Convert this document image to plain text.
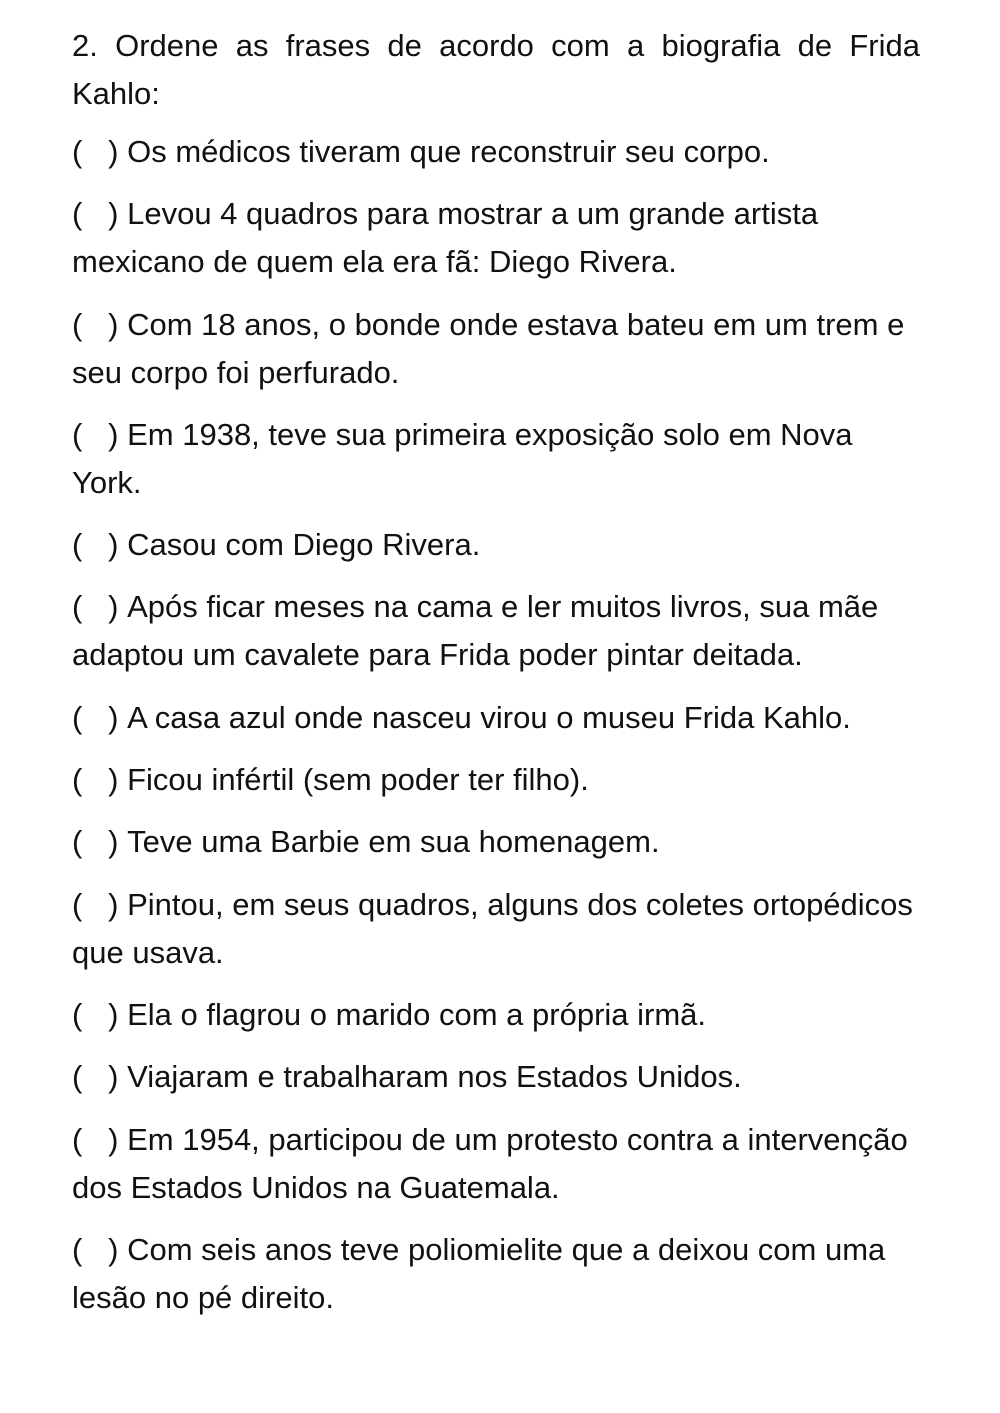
2. Ordene as frases de acordo com a biografia de Frida Kahlo:

(   ) Os médicos tiveram que reconstruir seu corpo.
(   ) Levou 4 quadros para mostrar a um grande artista mexicano de quem ela era fã: Diego Rivera.
(   ) Com 18 anos, o bonde onde estava bateu em um trem e seu corpo foi perfurado.
(   ) Em 1938, teve sua primeira exposição solo em Nova York.
(   ) Casou com Diego Rivera.
(   ) Após ficar meses na cama e ler muitos livros, sua mãe adaptou um cavalete para Frida poder pintar deitada.
(   ) A casa azul onde nasceu virou o museu Frida Kahlo.
(   ) Ficou infértil (sem poder ter filho).
(   ) Teve uma Barbie em sua homenagem.
(   ) Pintou, em seus quadros, alguns dos coletes ortopédicos que usava.
(   ) Ela o flagrou o marido com a própria irmã.
(   ) Viajaram e trabalharam nos Estados Unidos.
(   ) Em 1954, participou de um protesto contra a intervenção dos Estados Unidos na Guatemala.
(   ) Com seis anos teve poliomielite que a deixou com uma lesão no pé direito.
